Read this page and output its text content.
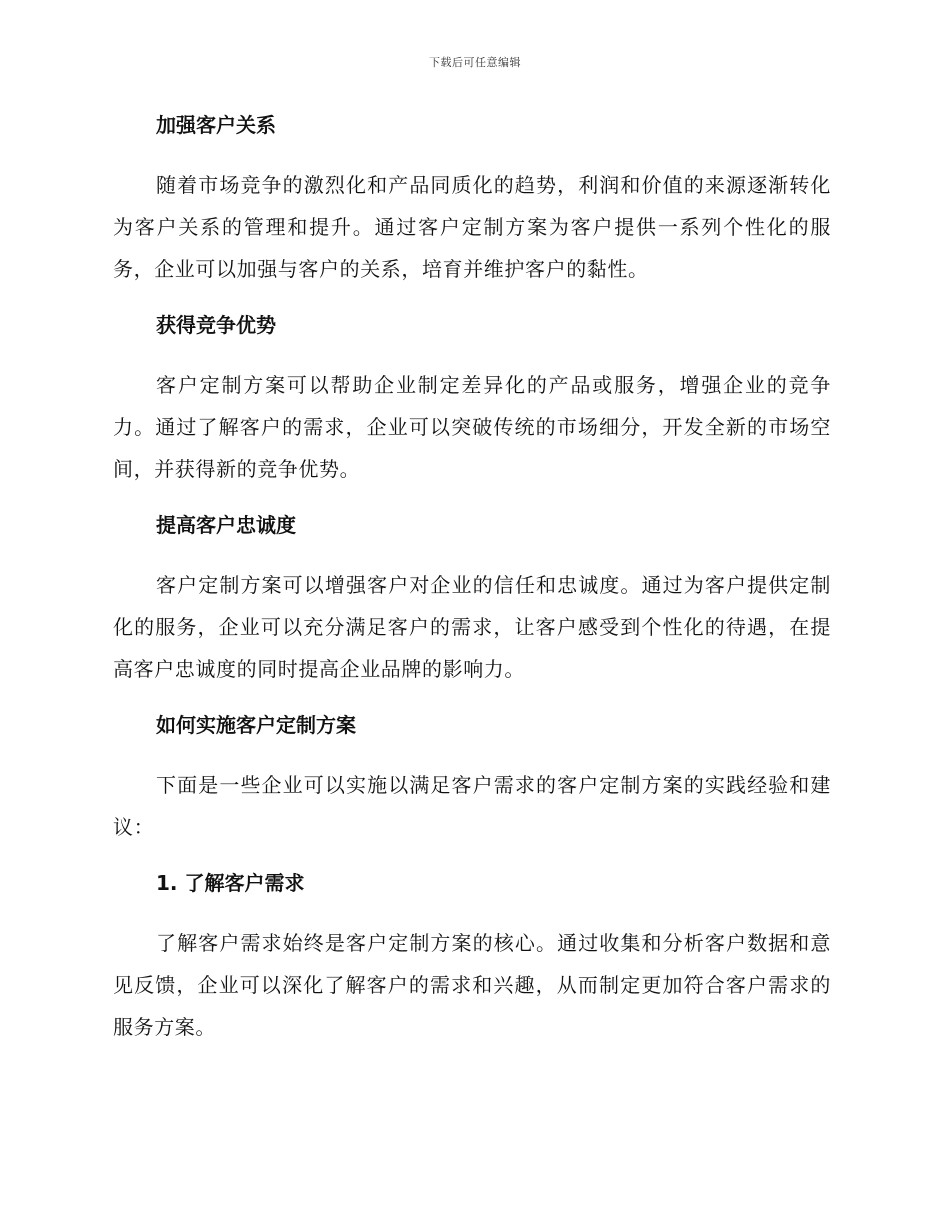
下载后可任意编辑
加强客户关系

随着市场竞争的激烈化和产品同质化的趋势，利润和价值的来源逐渐转化为客户关系的管理和提升。通过客户定制方案为客户提供一系列个性化的服务，企业可以加强与客户的关系，培育并维护客户的黏性。

获得竞争优势

客户定制方案可以帮助企业制定差异化的产品或服务，增强企业的竞争力。通过了解客户的需求，企业可以突破传统的市场细分，开发全新的市场空间，并获得新的竞争优势。

提高客户忠诚度

客户定制方案可以增强客户对企业的信任和忠诚度。通过为客户提供定制化的服务，企业可以充分满足客户的需求，让客户感受到个性化的待遇，在提高客户忠诚度的同时提高企业品牌的影响力。

如何实施客户定制方案

下面是一些企业可以实施以满足客户需求的客户定制方案的实践经验和建议：

1. 了解客户需求

了解客户需求始终是客户定制方案的核心。通过收集和分析客户数据和意见反馈，企业可以深化了解客户的需求和兴趣，从而制定更加符合客户需求的服务方案。
